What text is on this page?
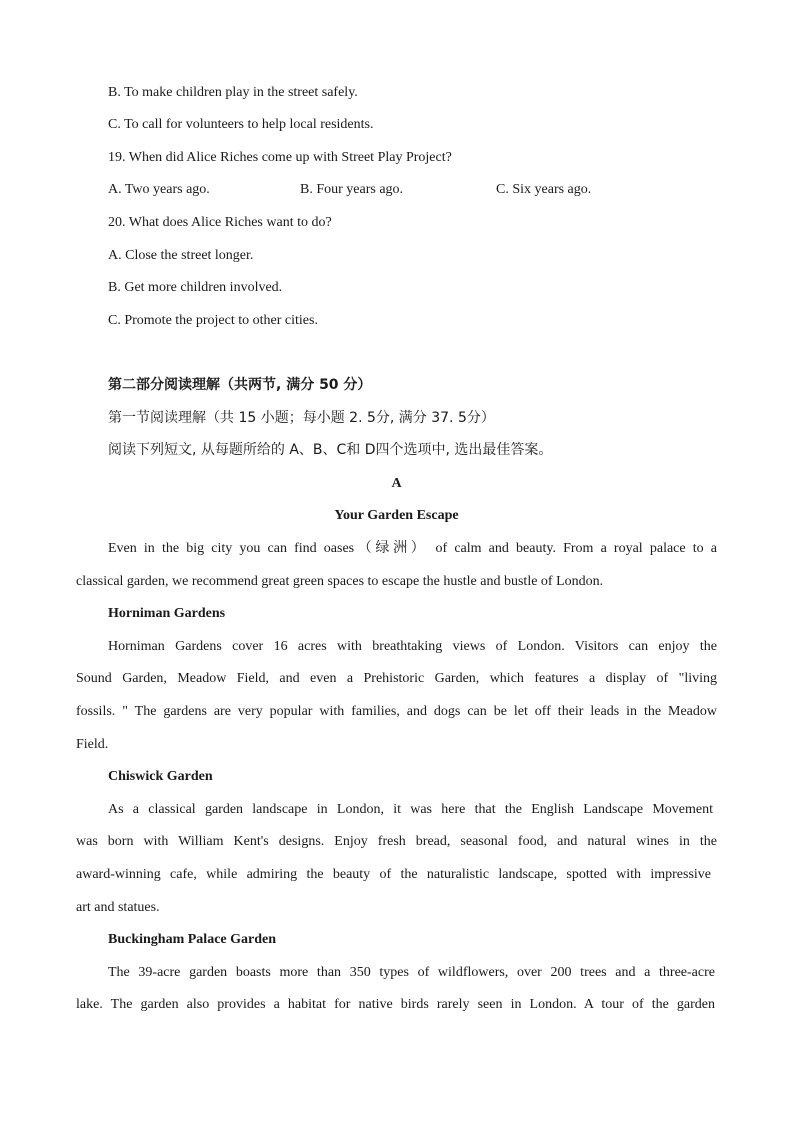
B. To make children play in the street safely.
C. To call for volunteers to help local residents.
19. When did Alice Riches come up with Street Play Project?
A. Two years ago.	B. Four years ago.	C. Six years ago.
20. What does Alice Riches want to do?
A. Close the street longer.
B. Get more children involved.
C. Promote the project to other cities.
第二部分阅读理解（共两节, 满分 50 分）
第一节阅读理解（共 15 小题；每小题 2. 5分, 满分 37. 5分）
阅读下列短文, 从每题所给的 A、B、C和 D四个选项中, 选出最佳答案。
A
Your Garden Escape
Even in the big city you can find oases（绿洲） of calm and beauty. From a royal palace to a
classical garden, we recommend great green spaces to escape the hustle and bustle of London.
Horniman Gardens
Horniman Gardens cover 16 acres with breathtaking views of London. Visitors can enjoy the
Sound Garden, Meadow Field, and even a Prehistoric Garden, which features a display of "living
fossils. " The gardens are very popular with families, and dogs can be let off their leads in the Meadow
Field.
Chiswick Garden
As a classical garden landscape in London, it was here that the English Landscape Movement
was born with William Kent's designs. Enjoy fresh bread, seasonal food, and natural wines in the
award-winning cafe, while admiring the beauty of the naturalistic landscape, spotted with impressive
art and statues.
Buckingham Palace Garden
The 39-acre garden boasts more than 350 types of wildflowers, over 200 trees and a three-acre
lake. The garden also provides a habitat for native birds rarely seen in London. A tour of the garden
